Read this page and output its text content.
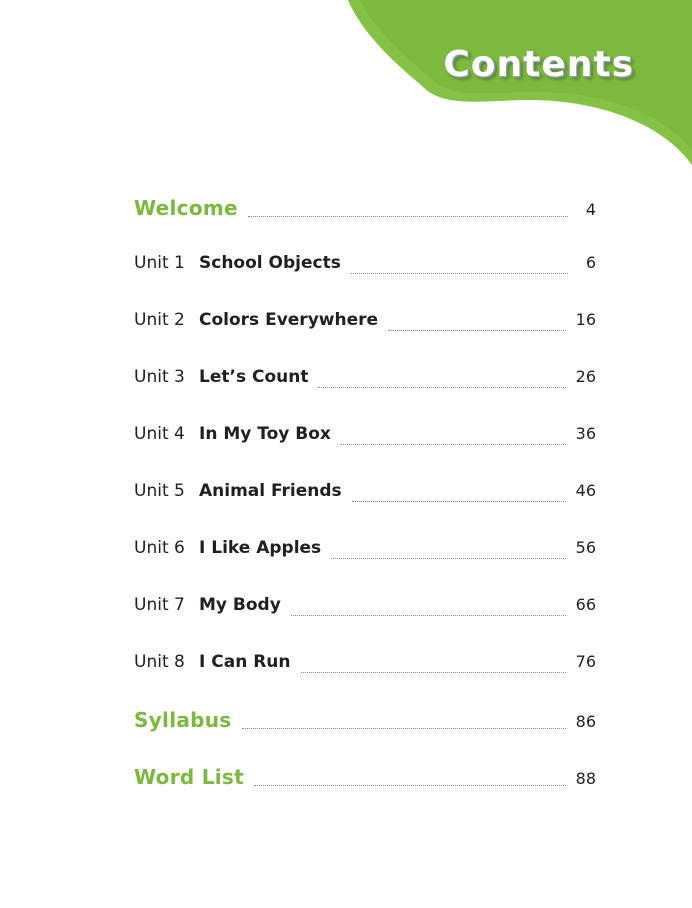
Contents
Welcome	4
Unit 1 School Objects	6
Unit 2 Colors Everywhere	16
Unit 3 Let’s Count	26
Unit 4 In My Toy Box	36
Unit 5 Animal Friends	46
Unit 6 I Like Apples	56
Unit 7 My Body	66
Unit 8 I Can Run	76
Syllabus	86
Word List	88
